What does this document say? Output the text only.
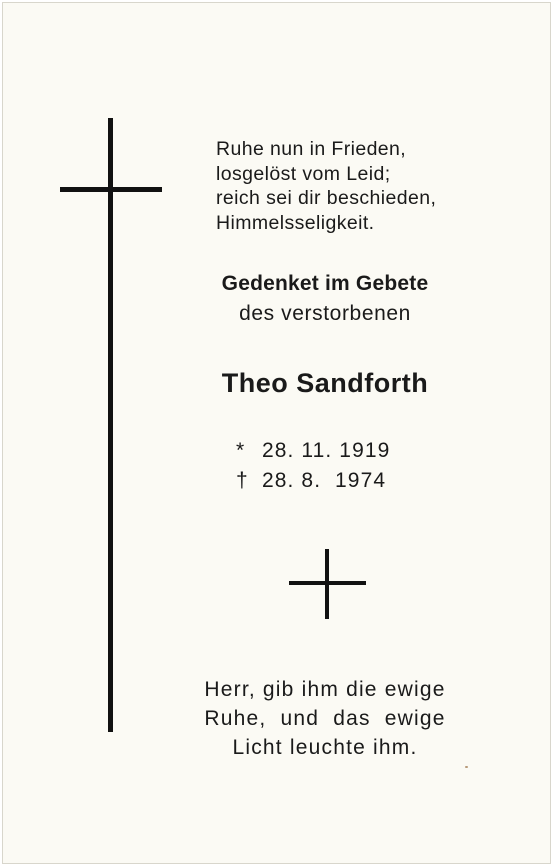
Ruhe nun in Frieden,
losgelöst vom Leid;
reich sei dir beschieden,
Himmelsseligkeit.
Gedenket im Gebete
des verstorbenen
Theo Sandforth
* 28. 11. 1919
† 28. 8.  1974
Herr, gib ihm die ewige
Ruhe,  und  das  ewige
Licht leuchte ihm.
